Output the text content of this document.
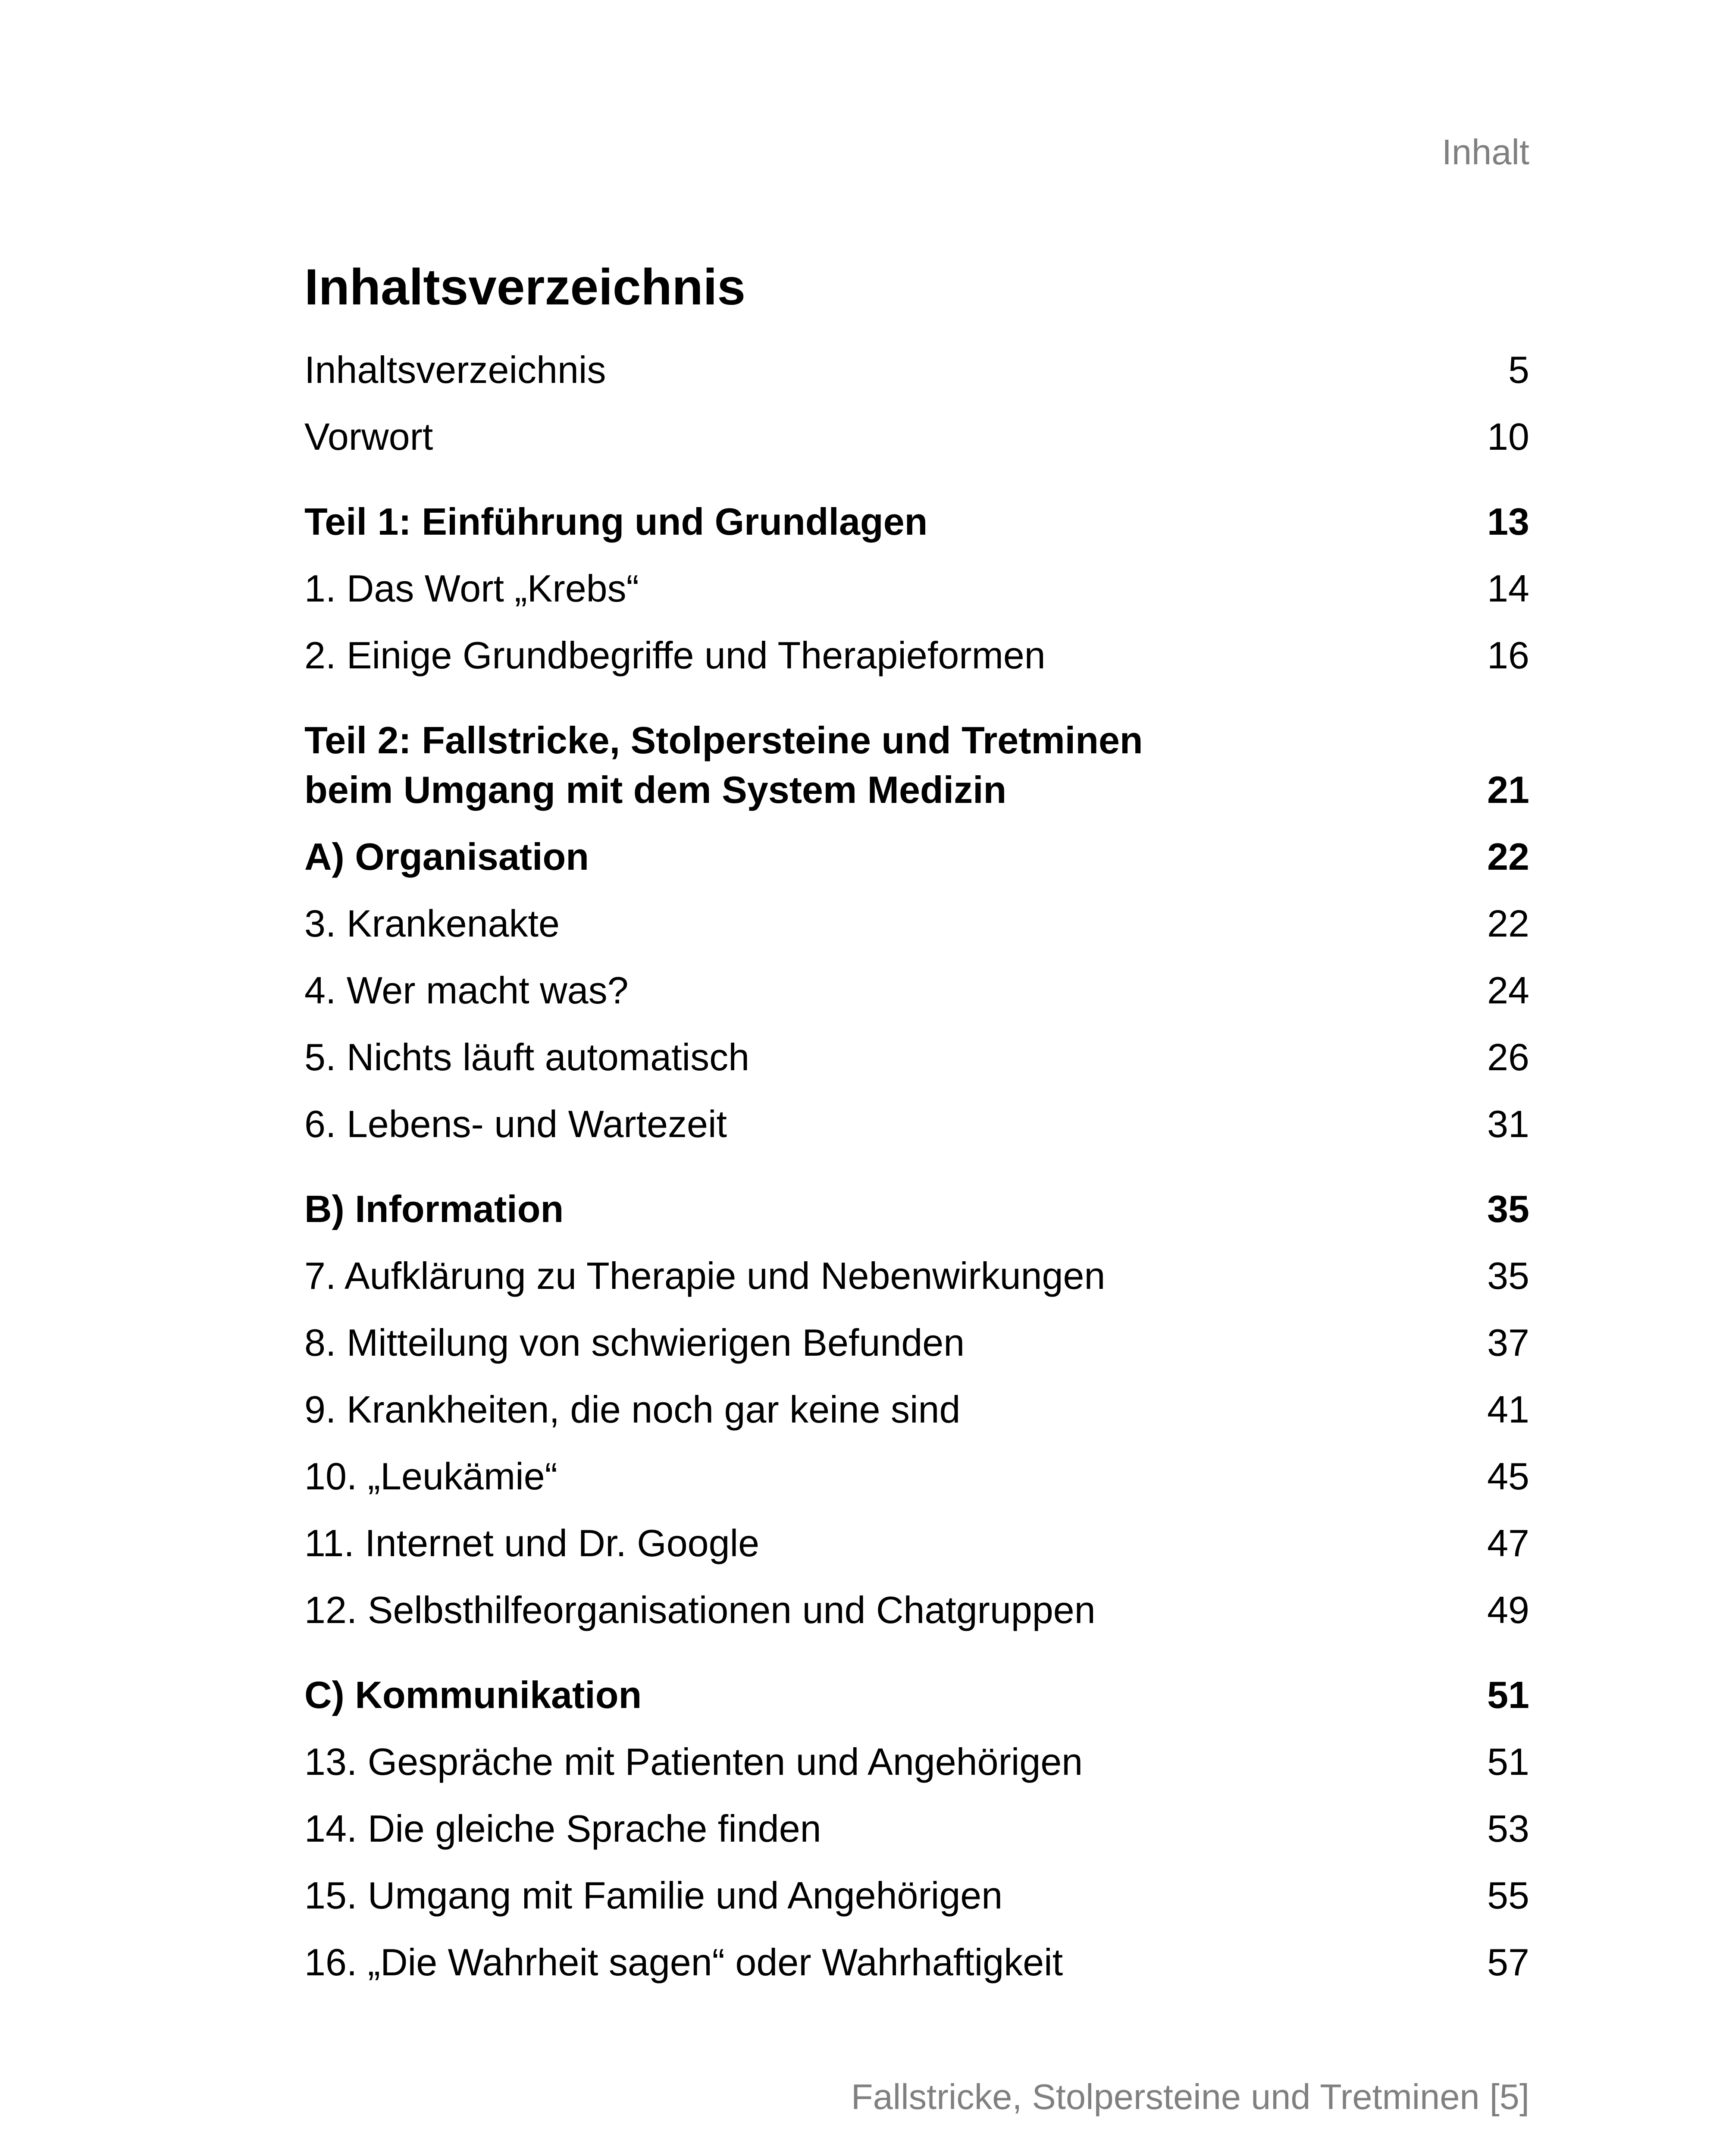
Inhalt
Inhaltsverzeichnis
Inhaltsverzeichnis	5
Vorwort	10
Teil 1: Einführung und Grundlagen	13
1. Das Wort „Krebs“	14
2. Einige Grundbegriffe und Therapieformen	16
Teil 2: Fallstricke, Stolpersteine und Tretminen
beim Umgang mit dem System Medizin	21
A) Organisation	22
3. Krankenakte	22
4. Wer macht was?	24
5. Nichts läuft automatisch	26
6. Lebens- und Wartezeit	31
B) Information	35
7. Aufklärung zu Therapie und Nebenwirkungen	35
8. Mitteilung von schwierigen Befunden	37
9. Krankheiten, die noch gar keine sind	41
10. „Leukämie“	45
11. Internet und Dr. Google	47
12. Selbsthilfeorganisationen und Chatgruppen	49
C) Kommunikation	51
13. Gespräche mit Patienten und Angehörigen	51
14. Die gleiche Sprache finden	53
15. Umgang mit Familie und Angehörigen	55
16. „Die Wahrheit sagen“ oder Wahrhaftigkeit	57
Fallstricke, Stolpersteine und Tretminen [5]
